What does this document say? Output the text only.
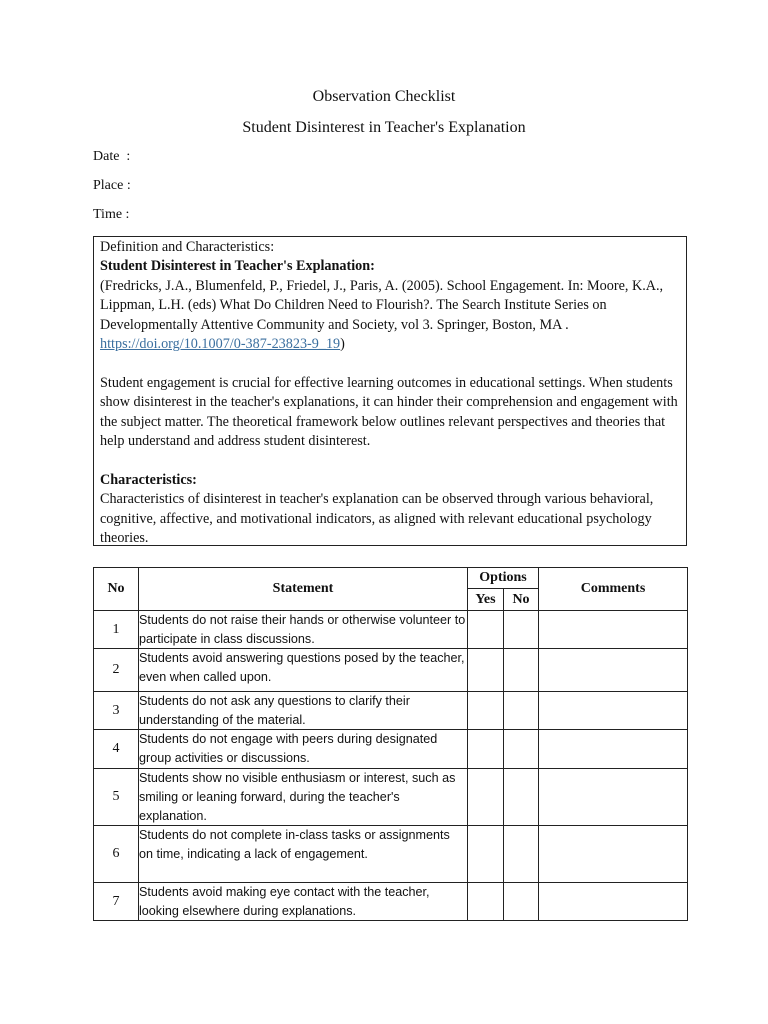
Observation Checklist
Student Disinterest in Teacher's Explanation
Date  :
Place :
Time :

Definition and Characteristics:

Student Disinterest in Teacher's Explanation:

(Fredricks, J.A., Blumenfeld, P., Friedel, J., Paris, A. (2005). School Engagement. In: Moore, K.A., Lippman, L.H. (eds) What Do Children Need to Flourish?. The Search Institute Series on Developmentally Attentive Community and Society, vol 3. Springer, Boston, MA . https://doi.org/10.1007/0-387-23823-9_19)

Student engagement is crucial for effective learning outcomes in educational settings. When students show disinterest in the teacher's explanations, it can hinder their comprehension and engagement with the subject matter. The theoretical framework below outlines relevant perspectives and theories that help understand and address student disinterest.

Characteristics:

Characteristics of disinterest in teacher's explanation can be observed through various behavioral, cognitive, affective, and motivational indicators, as aligned with relevant educational psychology theories.

No	Statement	Options		Comments
		Yes	No	
1	Students do not raise their hands or otherwise volunteer to participate in class discussions.			
2	Students avoid answering questions posed by the teacher, even when called upon.			
3	Students do not ask any questions to clarify their understanding of the material.			
4	Students do not engage with peers during designated group activities or discussions.			
5	Students show no visible enthusiasm or interest, such as smiling or leaning forward, during the teacher's explanation.			
6	Students do not complete in-class tasks or assignments on time, indicating a lack of engagement.			
7	Students avoid making eye contact with the teacher, looking elsewhere during explanations.			
